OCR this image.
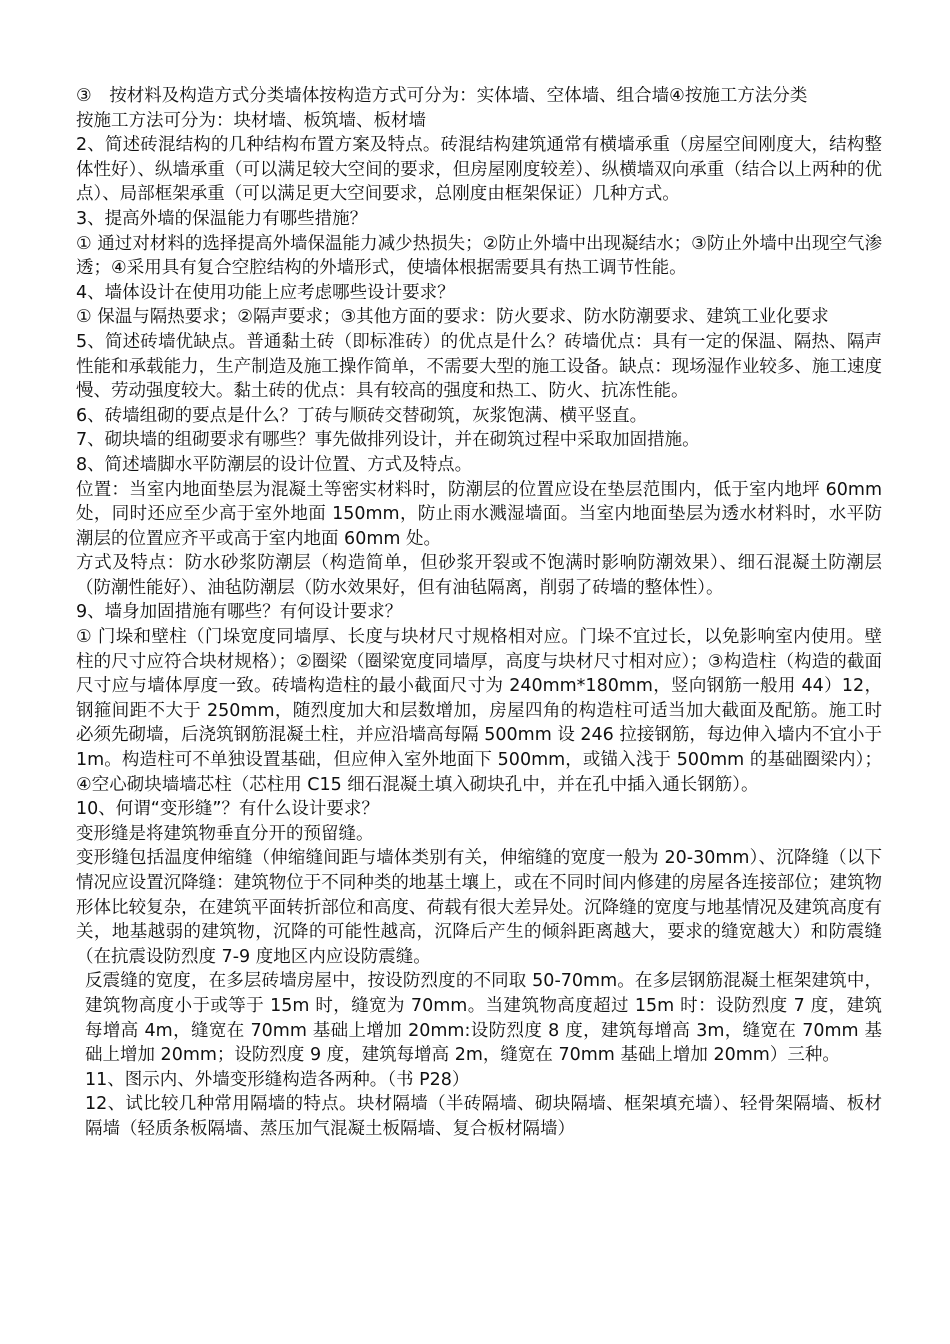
③　按材料及构造方式分类墙体按构造方式可分为：实体墙、空体墙、组合墙④按施工方法分类

按施工方法可分为：块材墙、板筑墙、板材墙

2、简述砖混结构的几种结构布置方案及特点。砖混结构建筑通常有横墙承重（房屋空间刚度大，结构整体性好）、纵墙承重（可以满足较大空间的要求，但房屋刚度较差）、纵横墙双向承重（结合以上两种的优点）、局部框架承重（可以满足更大空间要求，总刚度由框架保证）几种方式。

3、提高外墙的保温能力有哪些措施？

① 通过对材料的选择提高外墙保温能力减少热损失；②防止外墙中出现凝结水；③防止外墙中出现空气渗透；④采用具有复合空腔结构的外墙形式，使墙体根据需要具有热工调节性能。

4、墙体设计在使用功能上应考虑哪些设计要求？

① 保温与隔热要求；②隔声要求；③其他方面的要求：防火要求、防水防潮要求、建筑工业化要求

5、简述砖墙优缺点。普通黏土砖（即标准砖）的优点是什么？砖墙优点：具有一定的保温、隔热、隔声性能和承载能力，生产制造及施工操作简单，不需要大型的施工设备。缺点：现场湿作业较多、施工速度慢、劳动强度较大。黏土砖的优点：具有较高的强度和热工、防火、抗冻性能。

6、砖墙组砌的要点是什么？丁砖与顺砖交替砌筑，灰浆饱满、横平竖直。

7、砌块墙的组砌要求有哪些？事先做排列设计，并在砌筑过程中采取加固措施。

8、简述墙脚水平防潮层的设计位置、方式及特点。

位置：当室内地面垫层为混凝土等密实材料时，防潮层的位置应设在垫层范围内，低于室内地坪 60mm 处，同时还应至少高于室外地面 150mm，防止雨水溅湿墙面。当室内地面垫层为透水材料时，水平防潮层的位置应齐平或高于室内地面 60mm 处。

方式及特点：防水砂浆防潮层（构造简单，但砂浆开裂或不饱满时影响防潮效果）、细石混凝土防潮层（防潮性能好）、油毡防潮层（防水效果好，但有油毡隔离，削弱了砖墙的整体性）。

9、墙身加固措施有哪些？有何设计要求？

① 门垛和壁柱（门垛宽度同墙厚、长度与块材尺寸规格相对应。门垛不宜过长，以免影响室内使用。壁柱的尺寸应符合块材规格）；②圈梁（圈梁宽度同墙厚，高度与块材尺寸相对应）；③构造柱（构造的截面尺寸应与墙体厚度一致。砖墙构造柱的最小截面尺寸为 240mm*180mm，竖向钢筋一般用 44）12，钢箍间距不大于 250mm，随烈度加大和层数增加，房屋四角的构造柱可适当加大截面及配筋。施工时必须先砌墙，后浇筑钢筋混凝土柱，并应沿墙高每隔 500mm 设 246 拉接钢筋，每边伸入墙内不宜小于 1m。构造柱可不单独设置基础，但应伸入室外地面下 500mm，或锚入浅于 500mm 的基础圈梁内）；④空心砌块墙墙芯柱（芯柱用 C15 细石混凝土填入砌块孔中，并在孔中插入通长钢筋）。

10、何谓“变形缝”？有什么设计要求？

变形缝是将建筑物垂直分开的预留缝。

变形缝包括温度伸缩缝（伸缩缝间距与墙体类别有关，伸缩缝的宽度一般为 20-30mm）、沉降缝（以下情况应设置沉降缝：建筑物位于不同种类的地基土壤上，或在不同时间内修建的房屋各连接部位；建筑物形体比较复杂，在建筑平面转折部位和高度、荷载有很大差异处。沉降缝的宽度与地基情况及建筑高度有关，地基越弱的建筑物，沉降的可能性越高，沉降后产生的倾斜距离越大，要求的缝宽越大）和防震缝（在抗震设防烈度 7-9 度地区内应设防震缝。

反震缝的宽度，在多层砖墙房屋中，按设防烈度的不同取 50-70mm。在多层钢筋混凝土框架建筑中，建筑物高度小于或等于 15m 时，缝宽为 70mm。当建筑物高度超过 15m 时：设防烈度 7 度，建筑每增高 4m，缝宽在 70mm 基础上增加 20mm:设防烈度 8 度，建筑每增高 3m，缝宽在 70mm 基础上增加 20mm；设防烈度 9 度，建筑每增高 2m，缝宽在 70mm 基础上增加 20mm）三种。

11、图示内、外墙变形缝构造各两种。（书 P28）

12、试比较几种常用隔墙的特点。块材隔墙（半砖隔墙、砌块隔墙、框架填充墙）、轻骨架隔墙、板材隔墙（轻质条板隔墙、蒸压加气混凝土板隔墙、复合板材隔墙）
